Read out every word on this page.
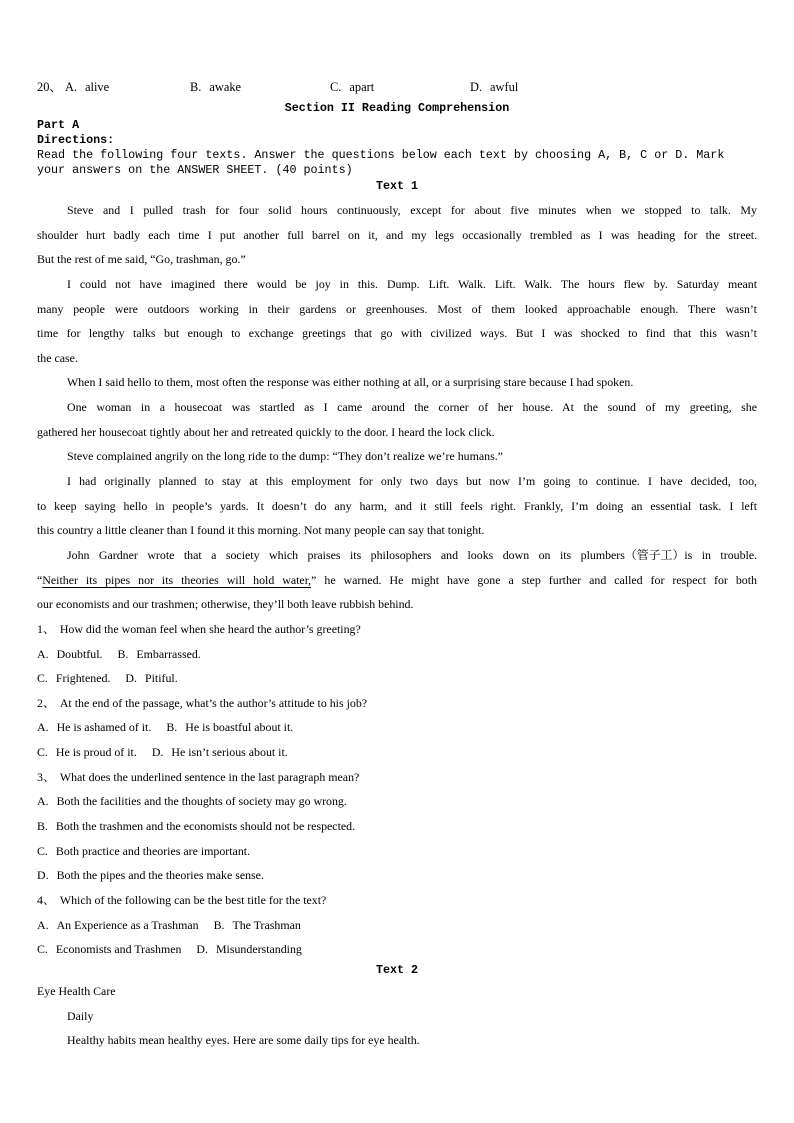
20、 A. alive	B. awake	C. apart	D. awful
Section II Reading Comprehension
Part A
Directions:
Read the following four texts. Answer the questions below each text by choosing A, B, C or D. Mark
your answers on the ANSWER SHEET. (40 points)
Text 1
Steve and I pulled trash for four solid hours continuously, except for about five minutes when we stopped to talk. My
shoulder hurt badly each time I put another full barrel on it, and my legs occasionally trembled as I was heading for the street.
But the rest of me said, “Go, trashman, go.”
I could not have imagined there would be joy in this. Dump. Lift. Walk. Lift. Walk. The hours flew by. Saturday meant
many people were outdoors working in their gardens or greenhouses. Most of them looked approachable enough. There wasn’t
time for lengthy talks but enough to exchange greetings that go with civilized ways. But I was shocked to find that this wasn’t
the case.
When I said hello to them, most often the response was either nothing at all, or a surprising stare because I had spoken.
One woman in a housecoat was startled as I came around the corner of her house. At the sound of my greeting, she
gathered her housecoat tightly about her and retreated quickly to the door. I heard the lock click.
Steve complained angrily on the long ride to the dump: “They don’t realize we’re humans.”
I had originally planned to stay at this employment for only two days but now I’m going to continue. I have decided, too,
to keep saying hello in people’s yards. It doesn’t do any harm, and it still feels right. Frankly, I’m doing an essential task. I left
this country a little cleaner than I found it this morning. Not many people can say that tonight.
John Gardner wrote that a society which praises its philosophers and looks down on its plumbers（管子工）is in trouble.
“Neither its pipes nor its theories will hold water,” he warned. He might have gone a step further and called for respect for both
our economists and our trashmen; otherwise, they’ll both leave rubbish behind.
1、 How did the woman feel when she heard the author’s greeting?
A. Doubtful. B. Embarrassed.
C. Frightened. D. Pitiful.
2、 At the end of the passage, what’s the author’s attitude to his job?
A. He is ashamed of it. B. He is boastful about it.
C. He is proud of it. D. He isn’t serious about it.
3、 What does the underlined sentence in the last paragraph mean?
A. Both the facilities and the thoughts of society may go wrong.
B. Both the trashmen and the economists should not be respected.
C. Both practice and theories are important.
D. Both the pipes and the theories make sense.
4、 Which of the following can be the best title for the text?
A. An Experience as a Trashman B. The Trashman
C. Economists and Trashmen D. Misunderstanding
Text 2
Eye Health Care
Daily
Healthy habits mean healthy eyes. Here are some daily tips for eye health.
